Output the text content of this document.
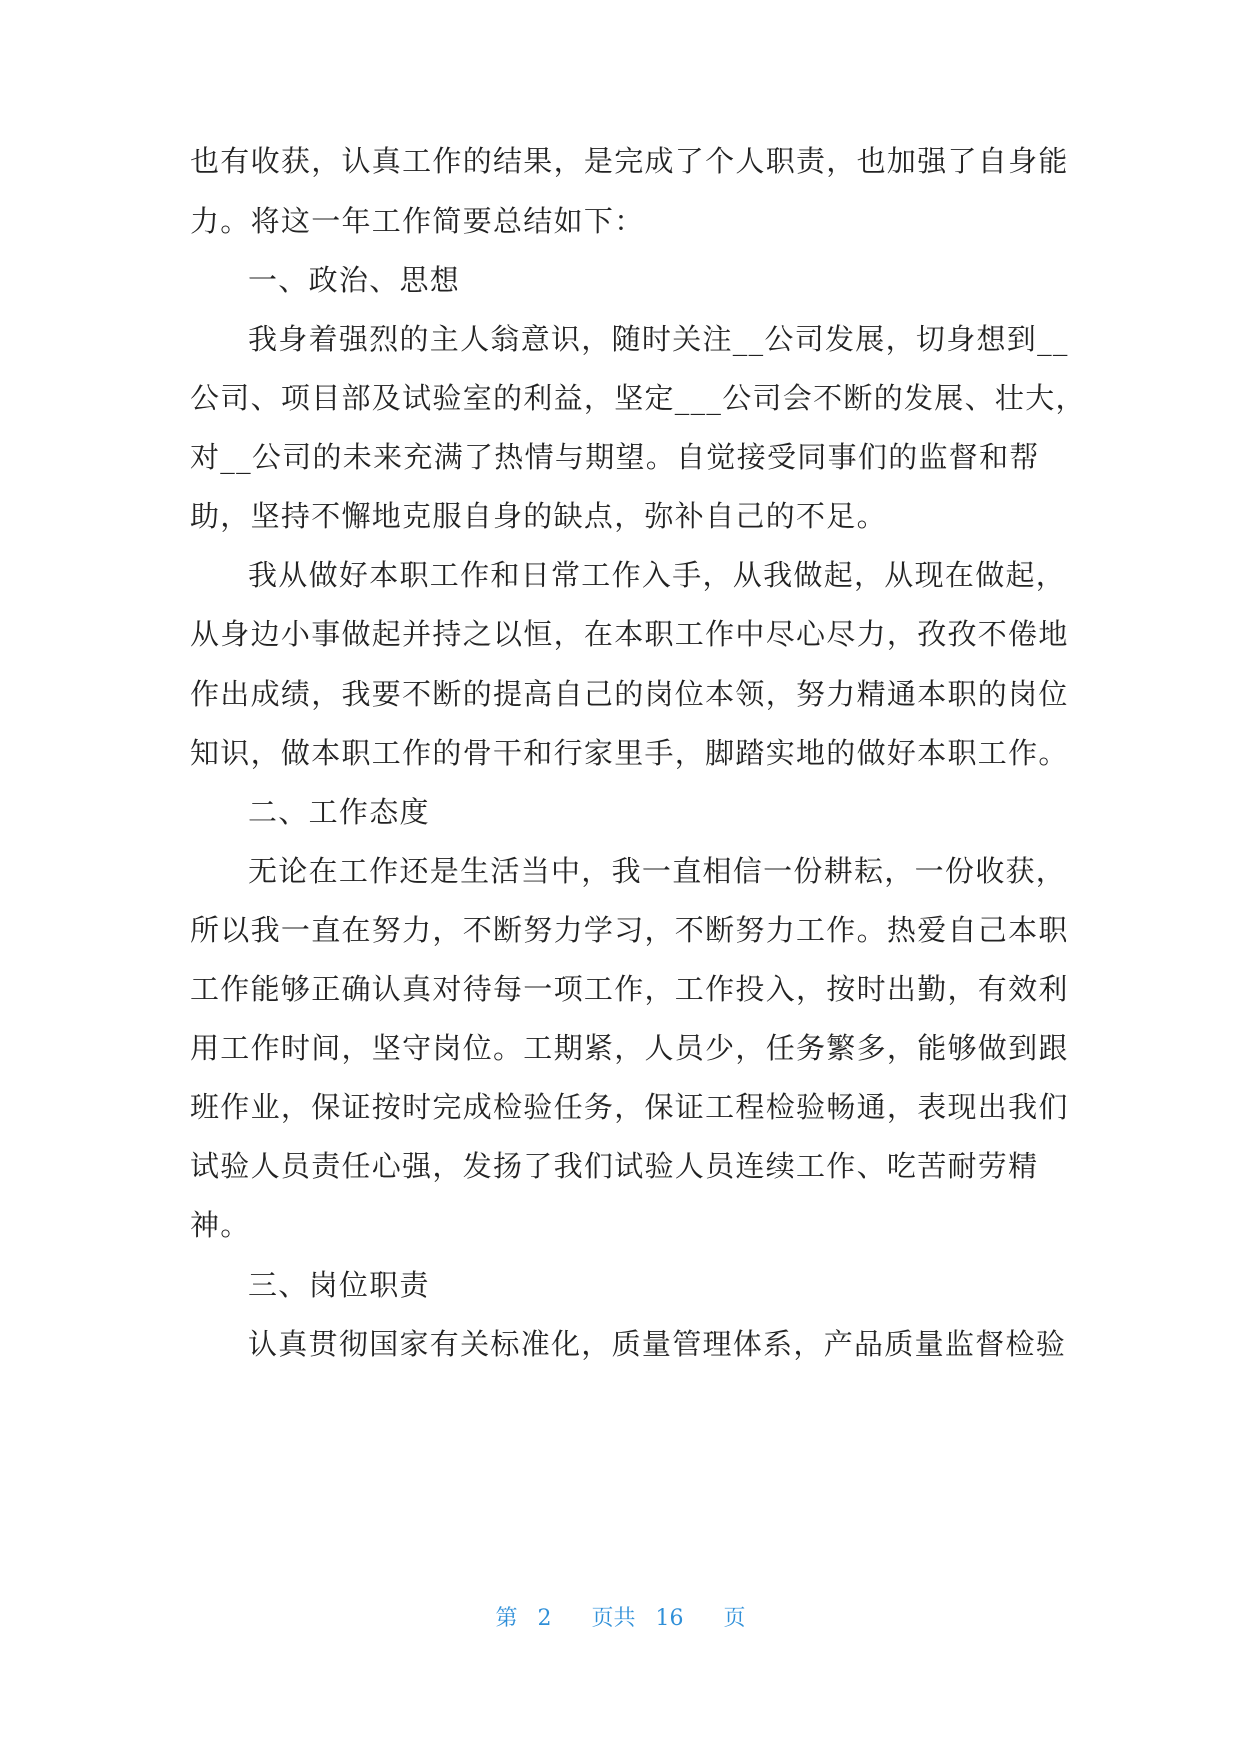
也有收获，认真工作的结果，是完成了个人职责，也加强了自身能
力。将这一年工作简要总结如下：
一、政治、思想
我身着强烈的主人翁意识，随时关注__公司发展，切身想到__
公司、项目部及试验室的利益，坚定___公司会不断的发展、壮大，
对__公司的未来充满了热情与期望。自觉接受同事们的监督和帮
助，坚持不懈地克服自身的缺点，弥补自己的不足。
我从做好本职工作和日常工作入手，从我做起，从现在做起，
从身边小事做起并持之以恒，在本职工作中尽心尽力，孜孜不倦地
作出成绩，我要不断的提高自己的岗位本领，努力精通本职的岗位
知识，做本职工作的骨干和行家里手，脚踏实地的做好本职工作。
二、工作态度
无论在工作还是生活当中，我一直相信一份耕耘，一份收获，
所以我一直在努力，不断努力学习，不断努力工作。热爱自己本职
工作能够正确认真对待每一项工作，工作投入，按时出勤，有效利
用工作时间，坚守岗位。工期紧，人员少，任务繁多，能够做到跟
班作业，保证按时完成检验任务，保证工程检验畅通，表现出我们
试验人员责任心强，发扬了我们试验人员连续工作、吃苦耐劳精
神。
三、岗位职责
认真贯彻国家有关标准化，质量管理体系，产品质量监督检验
第 2 页共 16 页
